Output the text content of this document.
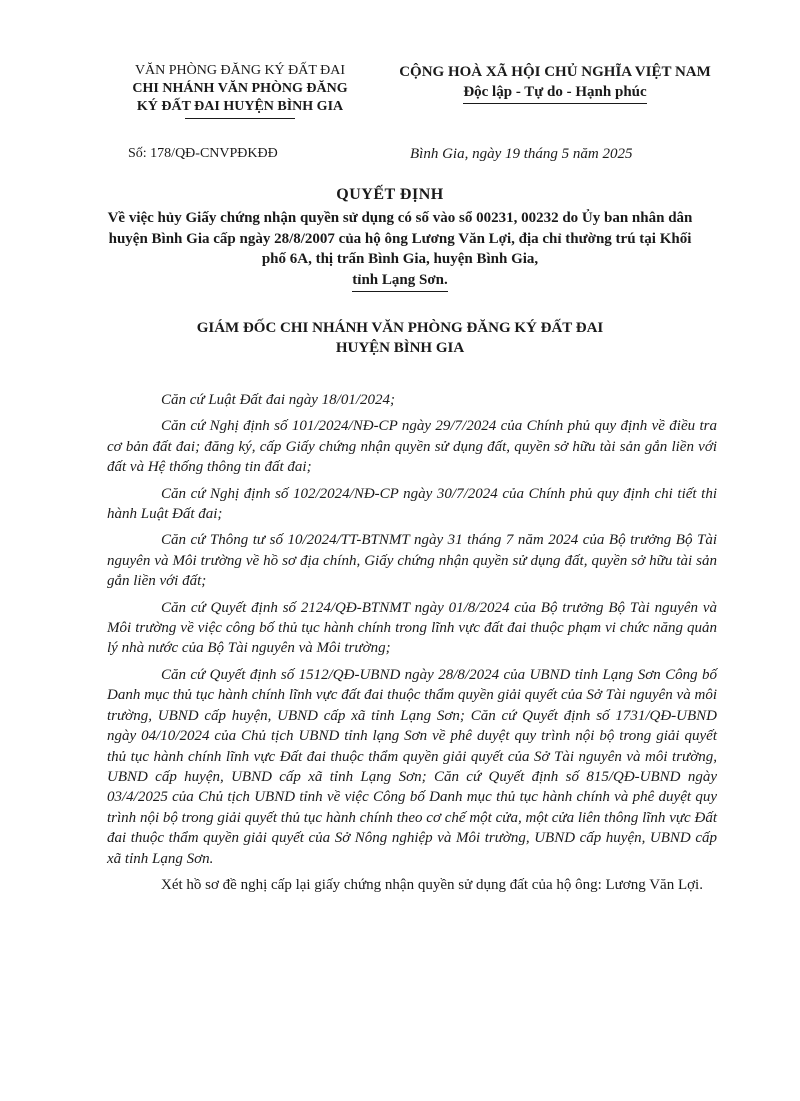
VĂN PHÒNG ĐĂNG KÝ ĐẤT ĐAI
CHI NHÁNH VĂN PHÒNG ĐĂNG
KÝ ĐẤT ĐAI HUYỆN BÌNH GIA
CỘNG HOÀ XÃ HỘI CHỦ NGHĨA VIỆT NAM
Độc lập - Tự do - Hạnh phúc
Số: 178/QĐ-CNVPĐKĐĐ	Bình Gia, ngày 19 tháng 5 năm 2025
QUYẾT ĐỊNH
Về việc hủy Giấy chứng nhận quyền sử dụng có số vào sổ 00231, 00232 do Ủy ban nhân dân huyện Bình Gia cấp ngày 28/8/2007 của hộ ông Lương Văn Lợi, địa chỉ thường trú tại Khối phố 6A, thị trấn Bình Gia, huyện Bình Gia,
tỉnh Lạng Sơn.
GIÁM ĐỐC CHI NHÁNH VĂN PHÒNG ĐĂNG KÝ ĐẤT ĐAI
HUYỆN BÌNH GIA

Căn cứ Luật Đất đai ngày 18/01/2024;

Căn cứ Nghị định số 101/2024/NĐ-CP ngày 29/7/2024 của Chính phủ quy định về điều tra cơ bản đất đai; đăng ký, cấp Giấy chứng nhận quyền sử dụng đất, quyền sở hữu tài sản gắn liền với đất và Hệ thống thông tin đất đai;

Căn cứ Nghị định số 102/2024/NĐ-CP ngày 30/7/2024 của Chính phủ quy định chi tiết thi hành Luật Đất đai;

Căn cứ Thông tư số 10/2024/TT-BTNMT ngày 31 tháng 7 năm 2024 của Bộ trưởng Bộ Tài nguyên và Môi trường về hồ sơ địa chính, Giấy chứng nhận quyền sử dụng đất, quyền sở hữu tài sản gắn liền với đất;

Căn cứ Quyết định số 2124/QĐ-BTNMT ngày 01/8/2024 của Bộ trưởng Bộ Tài nguyên và Môi trường về việc công bố thủ tục hành chính trong lĩnh vực đất đai thuộc phạm vi chức năng quản lý nhà nước của Bộ Tài nguyên và Môi trường;

Căn cứ Quyết định số 1512/QĐ-UBND ngày 28/8/2024 của UBND tỉnh Lạng Sơn Công bố Danh mục thủ tục hành chính lĩnh vực đất đai thuộc thẩm quyền giải quyết của Sở Tài nguyên và môi trường, UBND cấp huyện, UBND cấp xã tỉnh Lạng Sơn; Căn cứ Quyết định số 1731/QĐ-UBND ngày 04/10/2024 của Chủ tịch UBND tỉnh lạng Sơn về phê duyệt quy trình nội bộ trong giải quyết thủ tục hành chính lĩnh vực Đất đai thuộc thẩm quyền giải quyết của Sở Tài nguyên và môi trường, UBND cấp huyện, UBND cấp xã tỉnh Lạng Sơn; Căn cứ Quyết định số 815/QĐ-UBND ngày 03/4/2025 của Chủ tịch UBND tỉnh về việc Công bố Danh mục thủ tục hành chính và phê duyệt quy trình nội bộ trong giải quyết thủ tục hành chính theo cơ chế một cửa, một cửa liên thông lĩnh vực Đất đai thuộc thẩm quyền giải quyết của Sở Nông nghiệp và Môi trường, UBND cấp huyện, UBND cấp xã tỉnh Lạng Sơn.

Xét hồ sơ đề nghị cấp lại giấy chứng nhận quyền sử dụng đất của hộ ông: Lương Văn Lợi.
